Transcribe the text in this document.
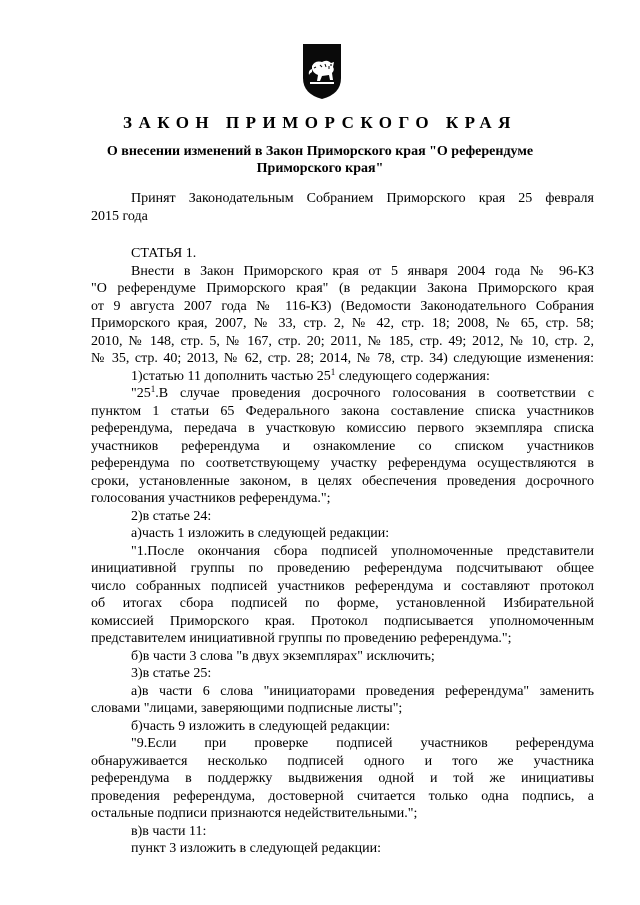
ЗАКОН ПРИМОРСКОГО КРАЯ
О внесении изменений в Закон Приморского края "О референдуме
Приморского края"
Принят Законодательным Собранием Приморского края 25 февраля
2015 года
СТАТЬЯ 1.
Внести в Закон Приморского края от 5 января 2004 года № 96-КЗ
"О референдуме Приморского края" (в редакции Закона Приморского края
от 9 августа 2007 года № 116-КЗ) (Ведомости Законодательного Собрания
Приморского края, 2007, № 33, стр. 2, № 42, стр. 18; 2008, № 65, стр. 58;
2010, № 148, стр. 5, № 167, стр. 20; 2011, № 185, стр. 49; 2012, № 10, стр. 2,
№ 35, стр. 40; 2013, № 62, стр. 28; 2014, № 78, стр. 34) следующие изменения:
1)статью 11 дополнить частью $25^1$ следующего содержания:
"$25^1.В$ случае проведения досрочного голосования в соответствии с
пунктом 1 статьи 65 Федерального закона составление списка участников
референдума, передача в участковую комиссию первого экземпляра списка
участников референдума и ознакомление со списком участников
референдума по соответствующему участку референдума осуществляются в
сроки, установленные законом, в целях обеспечения проведения досрочного
голосования участников референдума.";
2)в статье 24:
а)часть 1 изложить в следующей редакции:
"1.После окончания сбора подписей уполномоченные представители
инициативной группы по проведению референдума подсчитывают общее
число собранных подписей участников референдума и составляют протокол
об итогах сбора подписей по форме, установленной Избирательной
комиссией Приморского края. Протокол подписывается уполномоченным
представителем инициативной группы по проведению референдума.";
б)в части 3 слова "в двух экземплярах" исключить;
3)в статье 25:
а)в части 6 слова "инициаторами проведения референдума" заменить
словами "лицами, заверяющими подписные листы";
б)часть 9 изложить в следующей редакции:
"9.Если при проверке подписей участников референдума
обнаруживается несколько подписей одного и того же участника
референдума в поддержку выдвижения одной и той же инициативы
проведения референдума, достоверной считается только одна подпись, а
остальные подписи признаются недействительными.";
в)в части 11:
пункт 3 изложить в следующей редакции:
